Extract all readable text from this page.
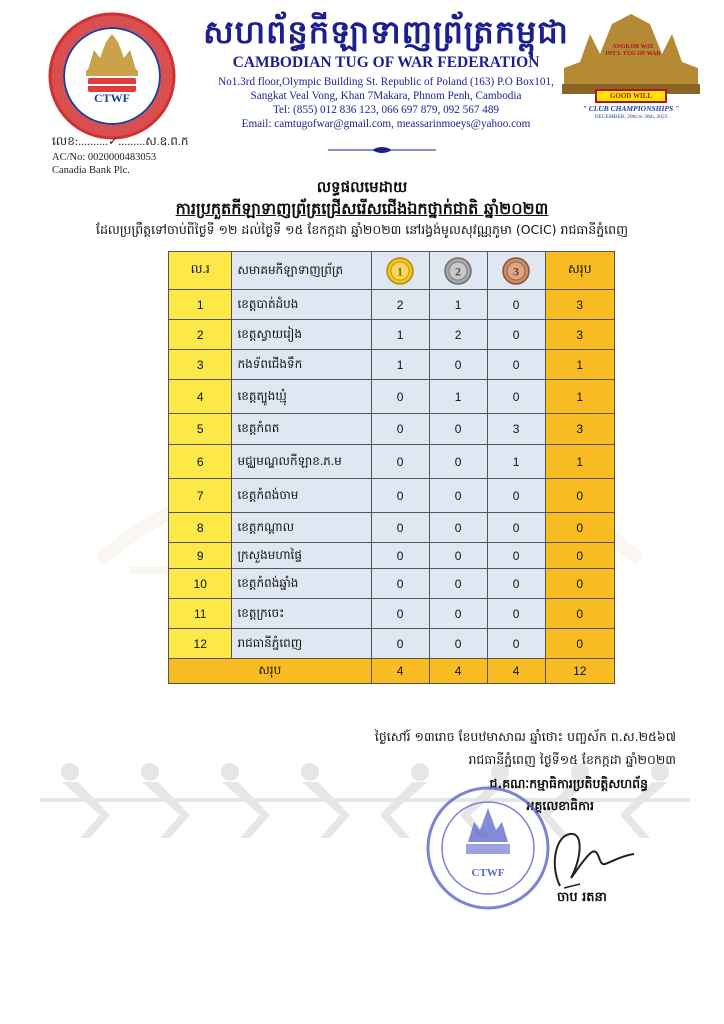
CTWF
ANGKOR WAT
INT'L TUG OF WAR
GOOD WILL
" CLUB CHAMPIONSHIPS "
DECEMBER, 20th to 30th, 2023
សហព័ន្ធកីឡាទាញព្រ័ត្រកម្ពុជា
CAMBODIAN TUG OF WAR FEDERATION
No1.3rd floor,Olympic Building St. Republic of Poland (163) P.O Box101,
Sangkat Veal Vong, Khan 7Makara, Phnom Penh, Cambodia
Tel: (855) 012 836 123, 066 697 879, 092 567 489
Email: camtugofwar@gmail.com, meassarinmoeys@yahoo.com
លេខ:..........✓.........ស.ឧ.ព.ក
AC/No: 0020000483053
Canadia Bank Plc.
លទ្ធផលមេដាយ
ការប្រកួតកីឡាទាញព្រ័ត្រជ្រើសរើសជើងឯកថ្នាក់ជាតិ ឆ្នាំ២០២៣
ដែលប្រព្រឹត្តទៅចាប់ពីថ្ងៃទី ១២ ដល់ថ្ងៃទី ១៥ ខែកក្កដា ឆ្នាំ២០២៣ នៅរង្វង់មូលសុវណ្ណភូមា (OCIC) រាជធានីភ្នំពេញ
ល.រ	សមាគមកីឡាទាញព្រ័ត្រ	1	2	3	សរុប
1	ខេត្តបាត់ដំបង	2	1	0	3
2	ខេត្តស្វាយរៀង	1	2	0	3
3	កងទ័ពជើងទឹក	1	0	0	1
4	ខេត្តត្បូងឃ្មុំ	0	1	0	1
5	ខេត្តកំពត	0	0	3	3
6	មជ្ឈមណ្ឌលកីឡាខ.ភ.ម	0	0	1	1
7	ខេត្តកំពង់ចាម	0	0	0	0
8	ខេត្តកណ្ដាល	0	0	0	0
9	ក្រសួងមហាផ្ទៃ	0	0	0	0
10	ខេត្តកំពង់ឆ្នាំង	0	0	0	0
11	ខេត្តក្រចេះ	0	0	0	0
12	រាជធានីភ្នំពេញ	0	0	0	0
សរុប		4	4	4	12
ថ្ងៃសៅរ៍ ១៣រោច ខែបឋមាសាឍ ឆ្នាំថោះ បញ្ចស័ក ព.ស.២៥៦៧
រាជធានីភ្នំពេញ ថ្ងៃទី១៥ ខែកក្កដា ឆ្នាំ២០២៣
ជ.គណៈកម្មាធិការប្រតិបត្តិសហព័ន្ធ
អគ្គលេខាធិការ
CTWF
ចាប រតនា
